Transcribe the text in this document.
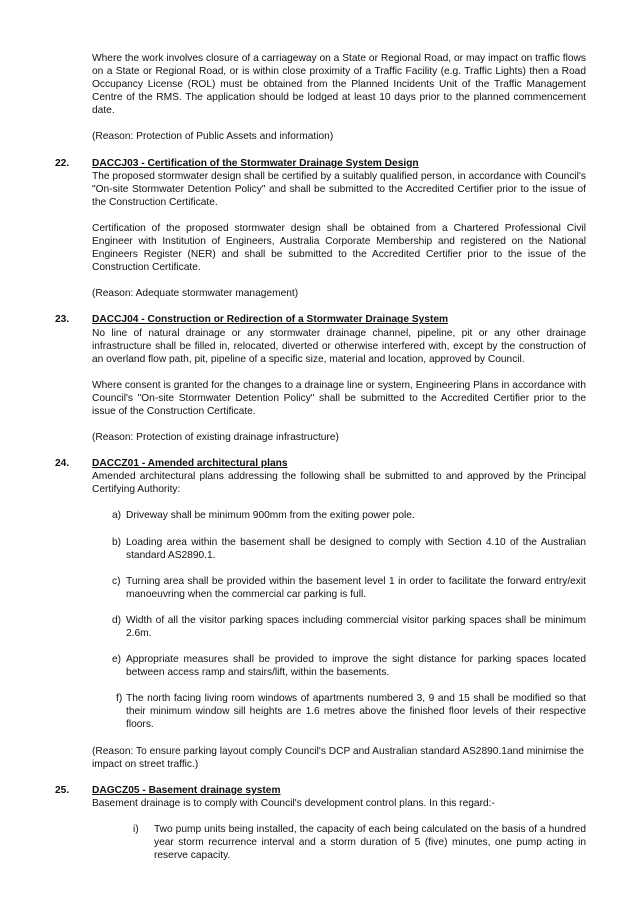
Where the work involves closure of a carriageway on a State or Regional Road, or may impact on traffic flows on a State or Regional Road, or is within close proximity of a Traffic Facility (e.g. Traffic Lights) then a Road Occupancy License (ROL) must be obtained from the Planned Incidents Unit of the Traffic Management Centre of the RMS. The application should be lodged at least 10 days prior to the planned commencement date.

(Reason: Protection of Public Assets and information)

22. DACCJ03 - Certification of the Stormwater Drainage System Design

The proposed stormwater design shall be certified by a suitably qualified person, in accordance with Council's "On-site Stormwater Detention Policy" and shall be submitted to the Accredited Certifier prior to the issue of the Construction Certificate.

Certification of the proposed stormwater design shall be obtained from a Chartered Professional Civil Engineer with Institution of Engineers, Australia Corporate Membership and registered on the National Engineers Register (NER) and shall be submitted to the Accredited Certifier prior to the issue of the Construction Certificate.

(Reason: Adequate stormwater management)

23. DACCJ04 - Construction or Redirection of a Stormwater Drainage System

No line of natural drainage or any stormwater drainage channel, pipeline, pit or any other drainage infrastructure shall be filled in, relocated, diverted or otherwise interfered with, except by the construction of an overland flow path, pit, pipeline of a specific size, material and location, approved by Council.

Where consent is granted for the changes to a drainage line or system, Engineering Plans in accordance with Council's "On-site Stormwater Detention Policy" shall be submitted to the Accredited Certifier prior to the issue of the Construction Certificate.

(Reason: Protection of existing drainage infrastructure)

24. DACCZ01 - Amended architectural plans

Amended architectural plans addressing the following shall be submitted to and approved by the Principal Certifying Authority:

a) Driveway shall be minimum 900mm from the exiting power pole.
b) Loading area within the basement shall be designed to comply with Section 4.10 of the Australian standard AS2890.1.
c) Turning area shall be provided within the basement level 1 in order to facilitate the forward entry/exit manoeuvring when the commercial car parking is full.
d) Width of all the visitor parking spaces including commercial visitor parking spaces shall be minimum 2.6m.
e) Appropriate measures shall be provided to improve the sight distance for parking spaces located between access ramp and stairs/lift, within the basements.
f) The north facing living room windows of apartments numbered 3, 9 and 15 shall be modified so that their minimum window sill heights are 1.6 metres above the finished floor levels of their respective floors.

(Reason: To ensure parking layout comply Council's DCP and Australian standard AS2890.1and minimise the impact on street traffic.)

25. DAGCZ05 - Basement drainage system

Basement drainage is to comply with Council's development control plans. In this regard:-

i) Two pump units being installed, the capacity of each being calculated on the basis of a hundred year storm recurrence interval and a storm duration of 5 (five) minutes, one pump acting in reserve capacity.
